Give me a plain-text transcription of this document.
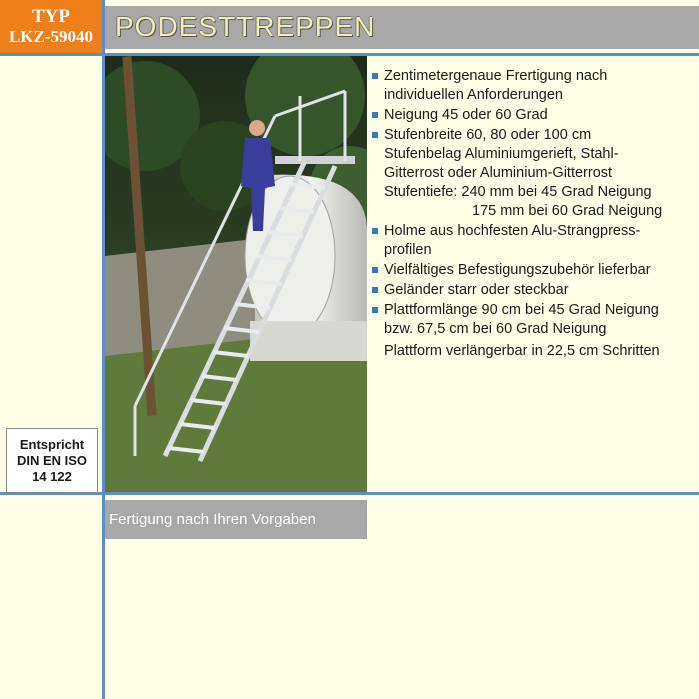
TYP
LKZ-59040 PODESTTREPPEN
Zentimetergenaue Frertigung nach
individuellen Anforderungen
Neigung 45 oder 60 Grad
Stufenbreite 60, 80 oder 100 cm
Stufenbelag Aluminiumgerieft, Stahl-
Gitterrost oder Aluminium-Gitterrost
Stufentiefe: 240 mm bei 45 Grad Neigung
175 mm bei 60 Grad Neigung
Holme aus hochfesten Alu-Strangpress-
profilen
Vielfältiges Befestigungszubehör lieferbar
Geländer starr oder steckbar
Plattformlänge 90 cm bei 45 Grad Neigung
bzw. 67,5 cm bei 60 Grad Neigung
Plattform verlängerbar in 22,5 cm Schritten
Entspricht
DIN EN ISO
14 122
Fertigung nach Ihren Vorgaben
